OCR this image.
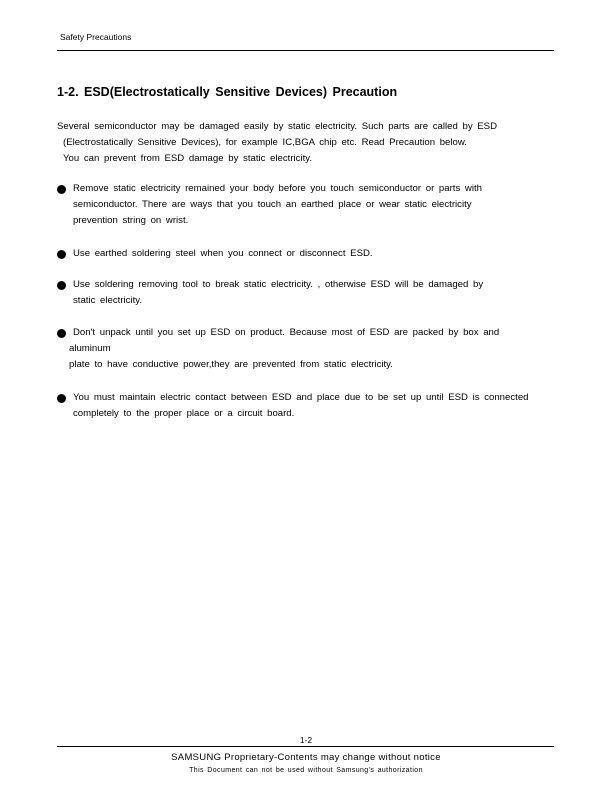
Safety Precautions
1-2. ESD(Electrostatically Sensitive Devices) Precaution
Several semiconductor may be damaged easily by static electricity. Such parts are called by ESD
(Electrostatically Sensitive Devices), for example IC,BGA chip etc. Read Precaution below.
You can prevent from ESD damage by static electricity.
Remove static electricity remained your body before you touch semiconductor or parts with
semiconductor. There are ways that you touch an earthed place or wear static electricity
prevention string on wrist.
Use earthed soldering steel when you connect or disconnect ESD.
Use soldering removing tool to break static electricity. , otherwise ESD will be damaged by
static electricity.
Don't unpack until you set up ESD on product. Because most of ESD are packed by box and
aluminum
plate to have conductive power,they are prevented from static electricity.
You must maintain electric contact between ESD and place due to be set up until ESD is connected
completely to the proper place or a circuit board.
1-2
SAMSUNG Proprietary-Contents may change without notice
This Document can not be used without Samsung's authorization
